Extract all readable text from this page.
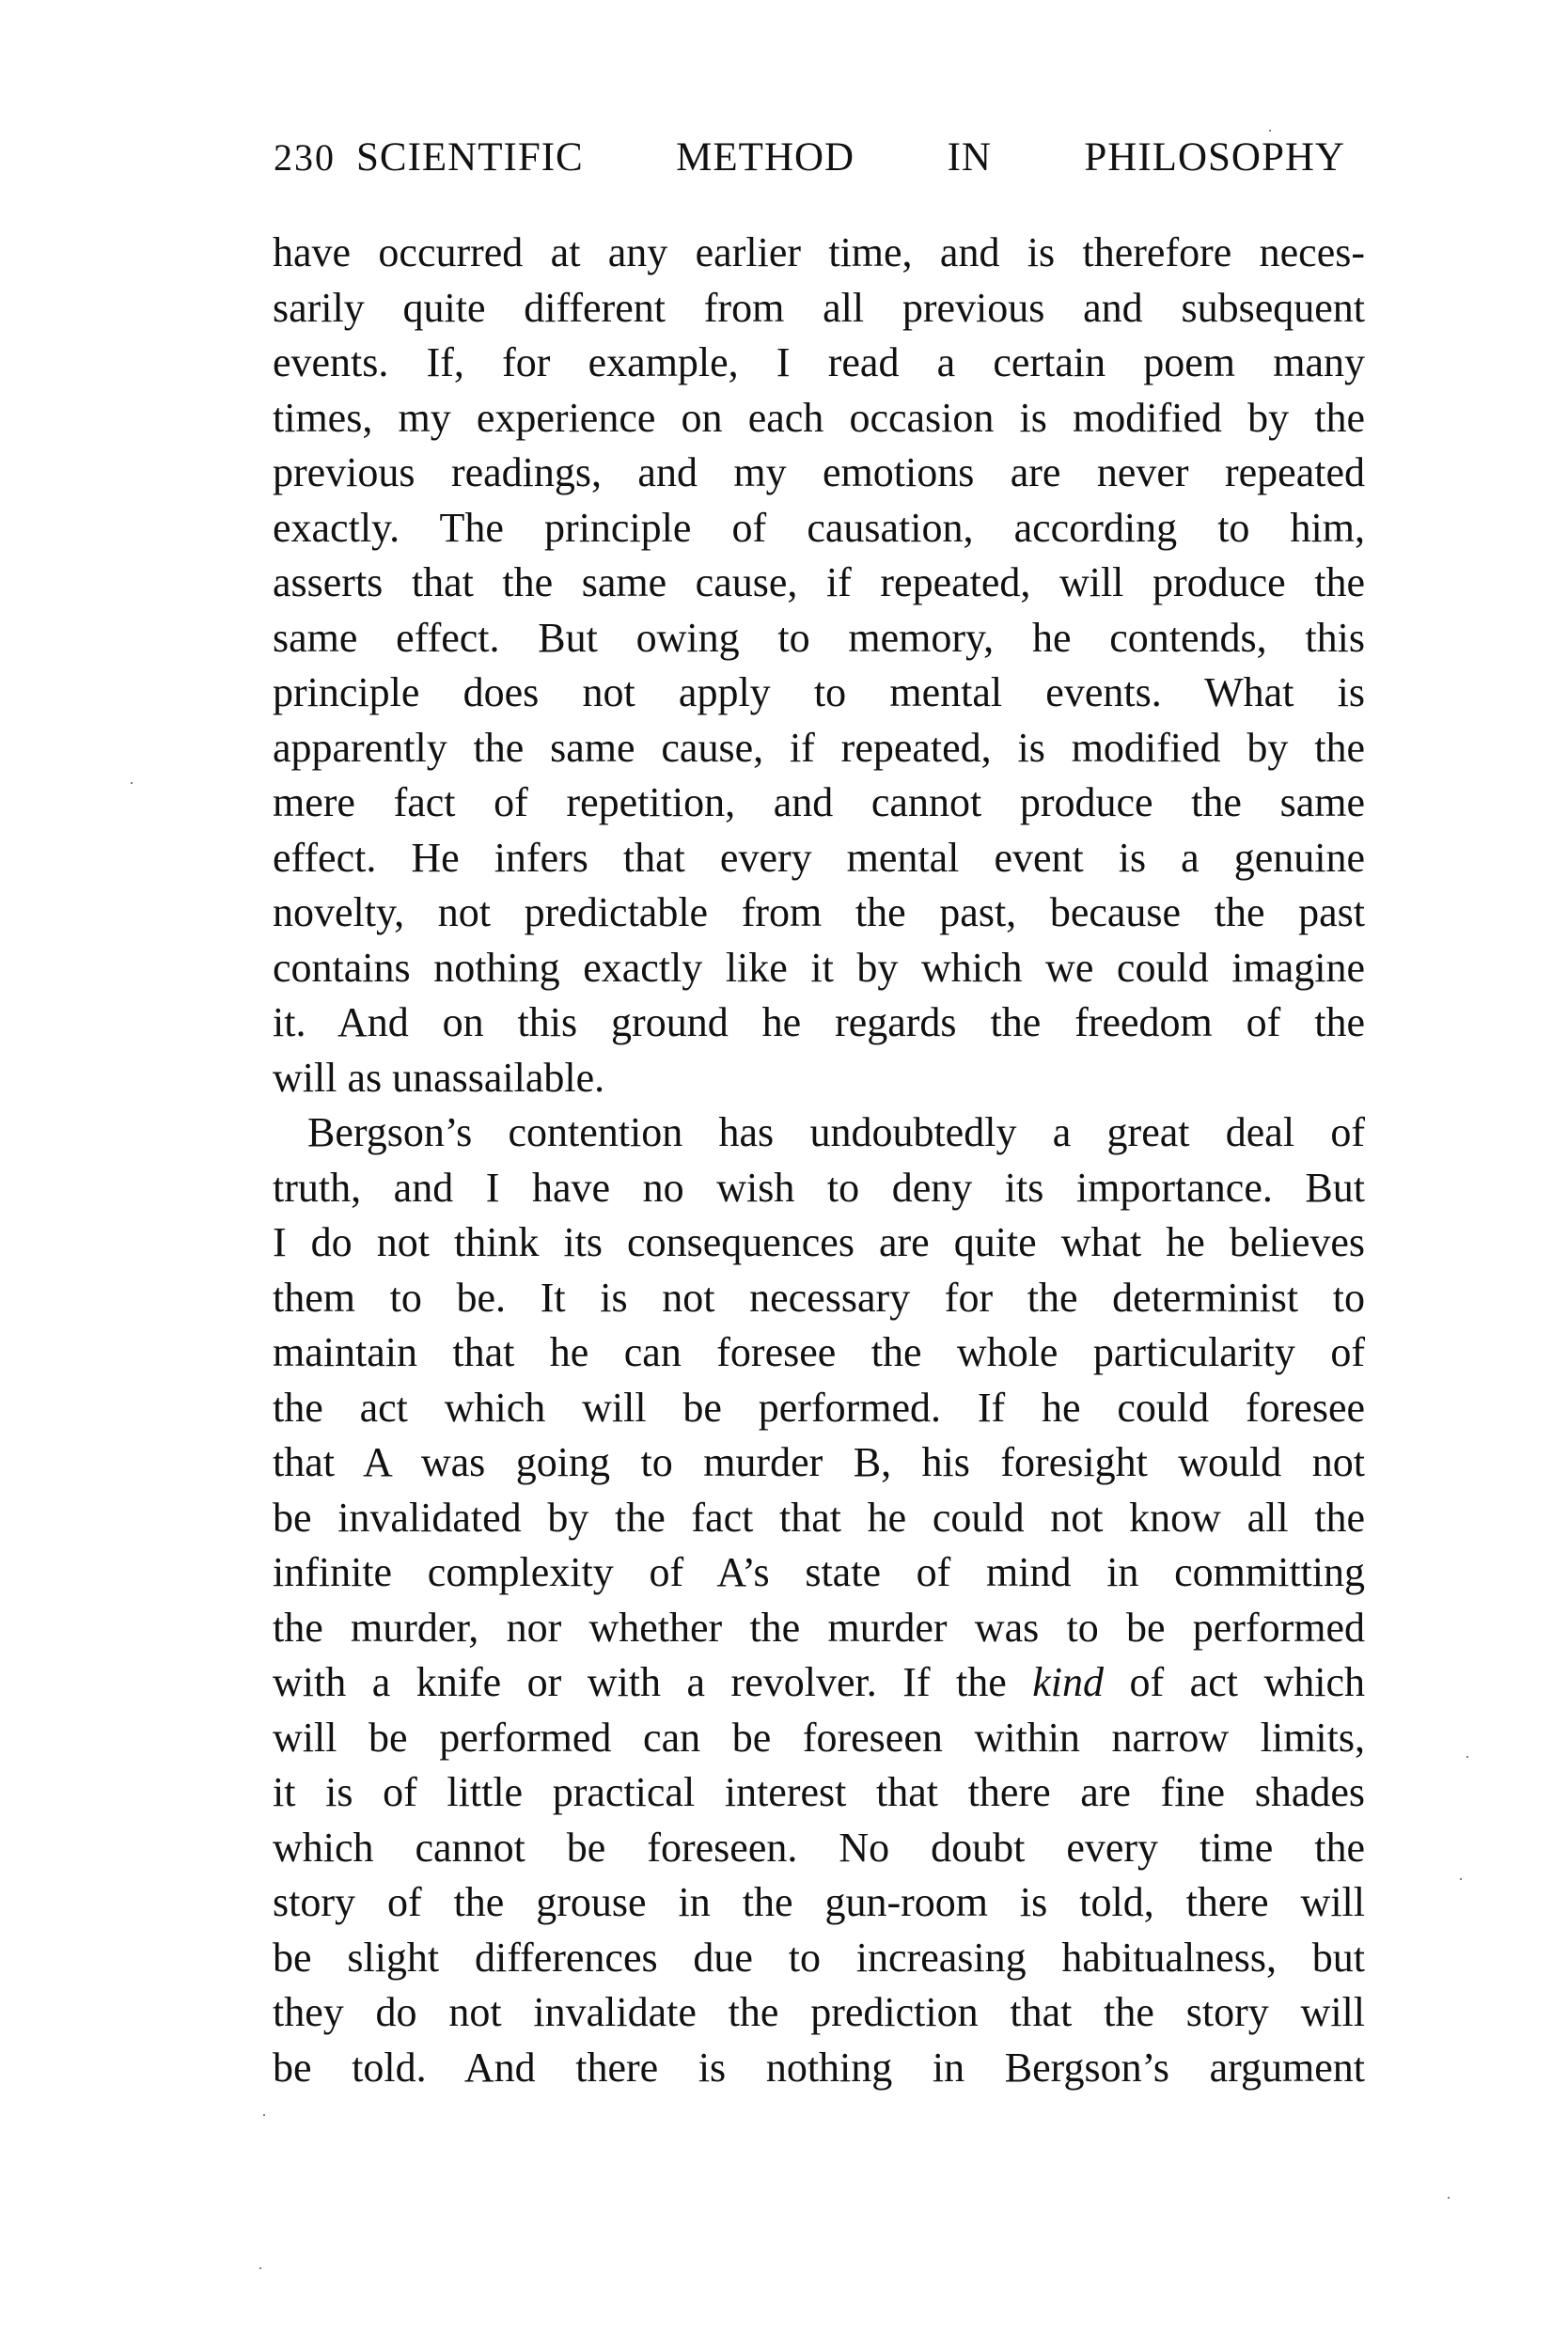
230 SCIENTIFIC METHOD IN PHILOSOPHY
have occurred at any earlier time, and is therefore neces-
sarily quite different from all previous and subsequent
events. If, for example, I read a certain poem many
times, my experience on each occasion is modified by the
previous readings, and my emotions are never repeated
exactly. The principle of causation, according to him,
asserts that the same cause, if repeated, will produce the
same effect. But owing to memory, he contends, this
principle does not apply to mental events. What is
apparently the same cause, if repeated, is modified by the
mere fact of repetition, and cannot produce the same
effect. He infers that every mental event is a genuine
novelty, not predictable from the past, because the past
contains nothing exactly like it by which we could imagine
it. And on this ground he regards the freedom of the
will as unassailable.
Bergson’s contention has undoubtedly a great deal of
truth, and I have no wish to deny its importance. But
I do not think its consequences are quite what he believes
them to be. It is not necessary for the determinist to
maintain that he can foresee the whole particularity of
the act which will be performed. If he could foresee
that A was going to murder B, his foresight would not
be invalidated by the fact that he could not know all the
infinite complexity of A’s state of mind in committing
the murder, nor whether the murder was to be performed
with a knife or with a revolver. If the kind of act which
will be performed can be foreseen within narrow limits,
it is of little practical interest that there are fine shades
which cannot be foreseen. No doubt every time the
story of the grouse in the gun-room is told, there will
be slight differences due to increasing habitualness, but
they do not invalidate the prediction that the story will
be told. And there is nothing in Bergson’s argument
